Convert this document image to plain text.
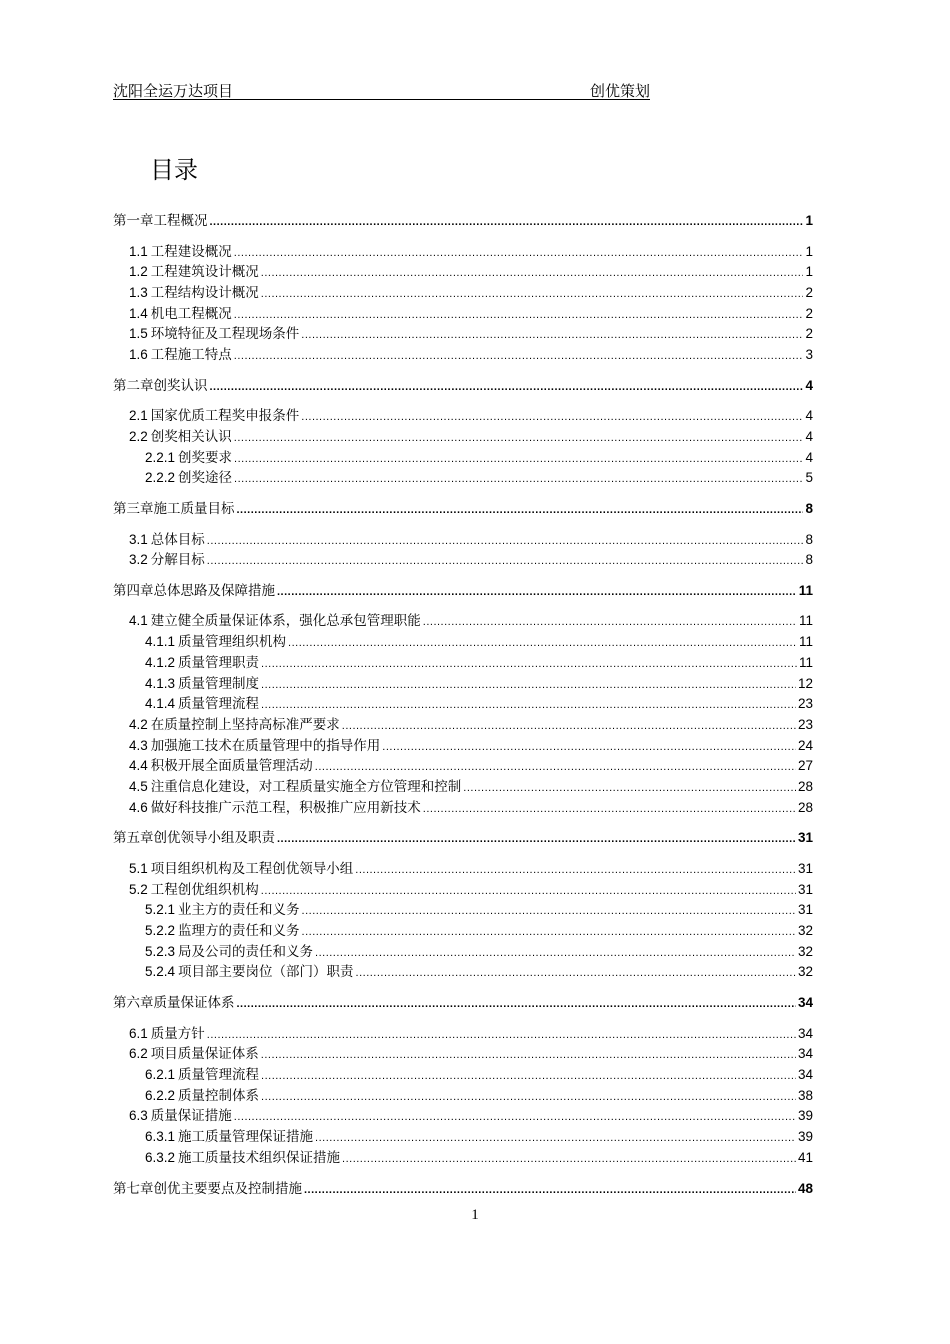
沈阳全运万达项目	创优策划
目录
第一章工程概况 .....	1
1.1 工程建设概况 .....	1
1.2 工程建筑设计概况 .....	1
1.3 工程结构设计概况 .....	2
1.4 机电工程概况 .....	2
1.5 环境特征及工程现场条件 .....	2
1.6 工程施工特点 .....	3
第二章创奖认识 .....	4
2.1 国家优质工程奖申报条件 .....	4
2.2 创奖相关认识 .....	4
2.2.1 创奖要求 .....	4
2.2.2 创奖途径 .....	5
第三章施工质量目标 .....	8
3.1 总体目标 .....	8
3.2 分解目标 .....	8
第四章总体思路及保障措施 .....	11
4.1 建立健全质量保证体系，强化总承包管理职能 .....	11
4.1.1 质量管理组织机构 .....	11
4.1.2 质量管理职责 .....	11
4.1.3 质量管理制度 .....	12
4.1.4 质量管理流程 .....	23
4.2 在质量控制上坚持高标准严要求 .....	23
4.3 加强施工技术在质量管理中的指导作用 .....	24
4.4 积极开展全面质量管理活动 .....	27
4.5 注重信息化建设，对工程质量实施全方位管理和控制 .....	28
4.6 做好科技推广示范工程，积极推广应用新技术 .....	28
第五章创优领导小组及职责 .....	31
5.1 项目组织机构及工程创优领导小组 .....	31
5.2 工程创优组织机构 .....	31
5.2.1 业主方的责任和义务 .....	31
5.2.2 监理方的责任和义务 .....	32
5.2.3 局及公司的责任和义务 .....	32
5.2.4 项目部主要岗位（部门）职责 .....	32
第六章质量保证体系 .....	34
6.1 质量方针 .....	34
6.2 项目质量保证体系 .....	34
6.2.1 质量管理流程 .....	34
6.2.2 质量控制体系 .....	38
6.3 质量保证措施 .....	39
6.3.1 施工质量管理保证措施 .....	39
6.3.2 施工质量技术组织保证措施 .....	41
第七章创优主要要点及控制措施 .....	48
1
